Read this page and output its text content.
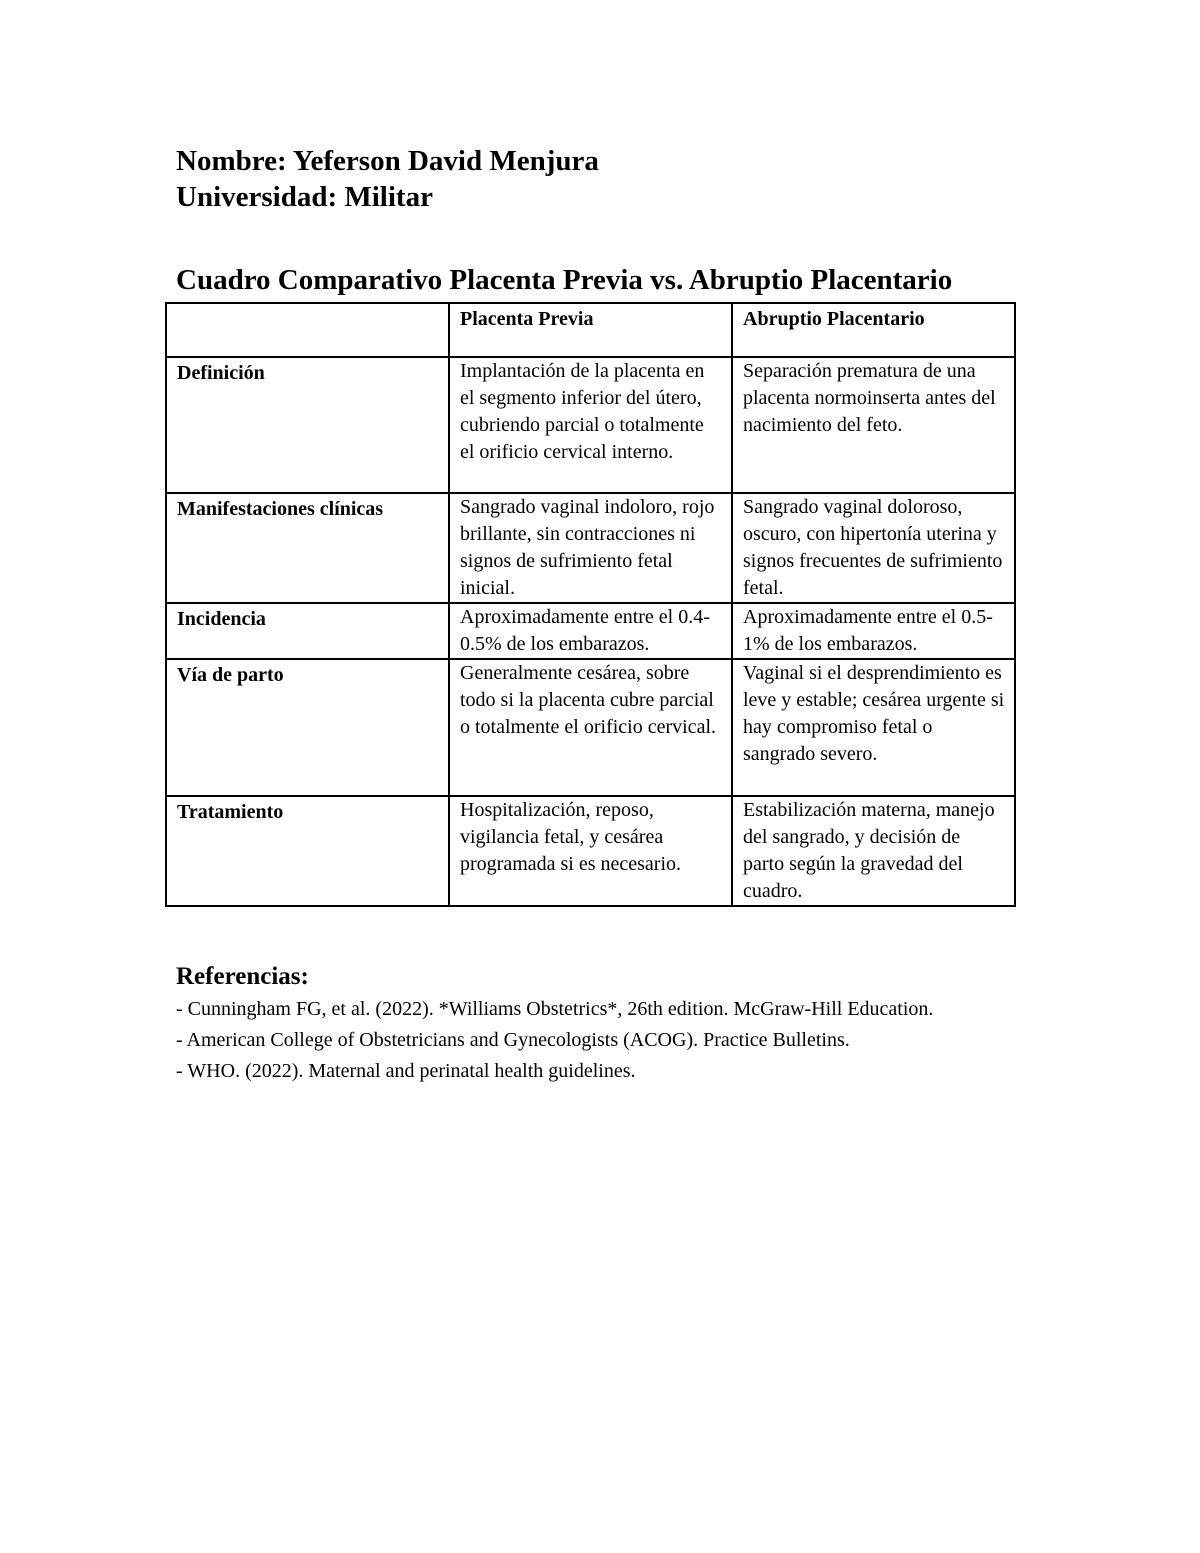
Nombre: Yeferson David Menjura
Universidad: Militar
Cuadro Comparativo Placenta Previa vs. Abruptio Placentario
	Placenta Previa	Abruptio Placentario
Definición	Implantación de la placenta en el segmento inferior del útero, cubriendo parcial o totalmente el orificio cervical interno.	Separación prematura de una placenta normoinserta antes del nacimiento del feto.
Manifestaciones clínicas	Sangrado vaginal indoloro, rojo brillante, sin contracciones ni signos de sufrimiento fetal inicial.	Sangrado vaginal doloroso, oscuro, con hipertonía uterina y signos frecuentes de sufrimiento fetal.
Incidencia	Aproximadamente entre el 0.4-0.5% de los embarazos.	Aproximadamente entre el 0.5-1% de los embarazos.
Vía de parto	Generalmente cesárea, sobre todo si la placenta cubre parcial o totalmente el orificio cervical.	Vaginal si el desprendimiento es leve y estable; cesárea urgente si hay compromiso fetal o sangrado severo.
Tratamiento	Hospitalización, reposo, vigilancia fetal, y cesárea programada si es necesario.	Estabilización materna, manejo del sangrado, y decisión de parto según la gravedad del cuadro.
Referencias:
- Cunningham FG, et al. (2022). *Williams Obstetrics*, 26th edition. McGraw-Hill Education.
- American College of Obstetricians and Gynecologists (ACOG). Practice Bulletins.
- WHO. (2022). Maternal and perinatal health guidelines.
